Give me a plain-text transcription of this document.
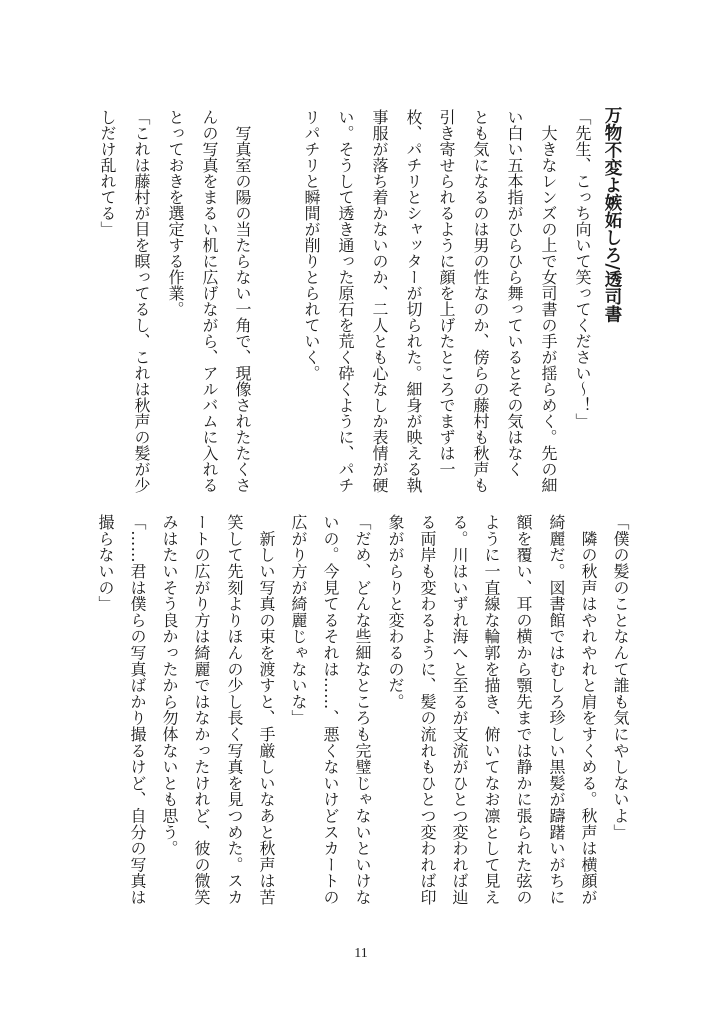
万物不変よ嫉妬しろ/透司書
「先生、こっち向いて笑ってください～！」
　大きなレンズの上で女司書の手が揺らめく。先の細
い白い五本指がひらひら舞っているとその気はなく
とも気になるのは男の性なのか、傍らの藤村も秋声も
引き寄せられるように顔を上げたところでまずは一
枚、パチリとシャッターが切られた。細身が映える執
事服が落ち着かないのか、二人とも心なしか表情が硬
い。そうして透き通った原石を荒く砕くように、パチ
リパチリと瞬間が削りとられていく。
　写真室の陽の当たらない一角で、現像されたたくさ
んの写真をまるい机に広げながら、アルバムに入れる
とっておきを選定する作業。
「これは藤村が目を瞑ってるし、これは秋声の髪が少
しだけ乱れてる」
「僕の髪のことなんて誰も気にやしないよ」
　隣の秋声はやれやれと肩をすくめる。秋声は横顔が
綺麗だ。図書館ではむしろ珍しい黒髪が躊躇いがちに
額を覆い、耳の横から顎先までは静かに張られた弦の
ように一直線な輪郭を描き、俯いてなお凛として見え
る。川はいずれ海へと至るが支流がひとつ変われば辿
る両岸も変わるように、髪の流れもひとつ変われば印
象ががらりと変わるのだ。
「だめ、どんな些細なところも完璧じゃないといけな
いの。今見てるそれは……、悪くないけどスカートの
広がり方が綺麗じゃないな」
　新しい写真の束を渡すと、手厳しいなあと秋声は苦
笑して先刻よりほんの少し長く写真を見つめた。スカ
ートの広がり方は綺麗ではなかったけれど、彼の微笑
みはたいそう良かったから勿体ないとも思う。
「……君は僕らの写真ばかり撮るけど、自分の写真は
撮らないの」
11
